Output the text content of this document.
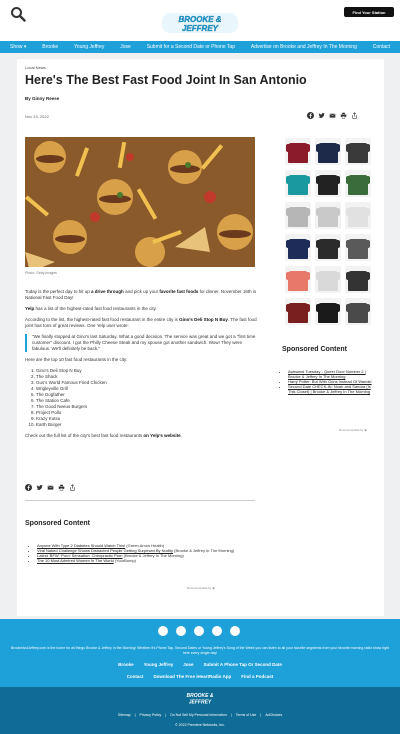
BROOKE &
JEFFREY
Find Your Station
Show ▾	Brooke	Young Jeffrey	Jose	Submit for a Second Date or Phone Tap	Advertise on Brooke and Jeffrey In The Morning	Contact
Local News
Here's The Best Fast Food Joint In San Antonio
By Ginny Reese
Nov 15, 2022
Photo: Getty Images

Today is the perfect day to hit up a drive through and pick up your favorite fast foods for dinner. November 16th is National Fast Food Day!

Yelp has a list of the highest-rated fast food restaurants in the city.

According to the list, the highest-rated fast food restaurant in the entire city is Gino's Deli Stop N Buy. The fast food joint has tons of great reviews. One Yelp user wrote:

"We finally stopped at Gino's last Saturday. What a good decision. The service was great and we got a "first time customer" discount. I got the Philly Cheese Steak and my spouse got another sandwich. Wow! They were fabulous. We'll definitely be back."

Here are the top 10 fast food restaurants in the city:

1. Gino's Deli Stop N Buy
2. The Shack
3. Gus's World Famous Fried Chicken
4. Wrigleyville Grill
5. The Dogfather
6. The Station Cafe
7. The Good Neeus Burgers
8. Project Pollo
9. Krazy Kutsu
10. Earth Burger

Check out the full list of the city's best fast food restaurants on Yelp's website.

Sponsored Content
• Anyone With Type 2 Diabetes Should Watch This! (Green Arrow Health)
• Viral Naked Challenge Shows Distracted People Getting Surprised By Nudity (Brooke & Jeffrey In The Morning)
• Latest 'BFW' 'Porn' Sensation: Chiropractic Porn (Brooke & Jeffrey In The Morning)
• The 10 Most Admired Women In The World (YourBump)
Recommended by ◉
Sponsored Content
• Awkward Tuesday - Queer Door Number 2 | Brooke & Jeffrey In The Morning
• Harry Potter: But With Guns Instead Of Wands!
• Second Date CHECK-IN: Noah and Sandra (Is This Closet) | Brooke & Jeffrey In The Morning
Recommended by ◉
BrookeAndJeffrey.com is the home for all things Brooke & Jeffrey In the Morning! Whether it's Phone Tap, Second Dates or Young Jeffrey's Song of the Week you can listen to all your favorite segments from your favorite morning radio show right here every single day!
Brooke Young Jeffrey Jose Submit A Phone Tap Or Second Date
Contact Download The Free iHeartRadio App Find a Podcast
BROOKE &
JEFFREY
Sitemap | Privacy Policy | Do Not Sell My Personal Information | Terms of Use | AdChoices
© 2022 Premiere Networks, Inc.
